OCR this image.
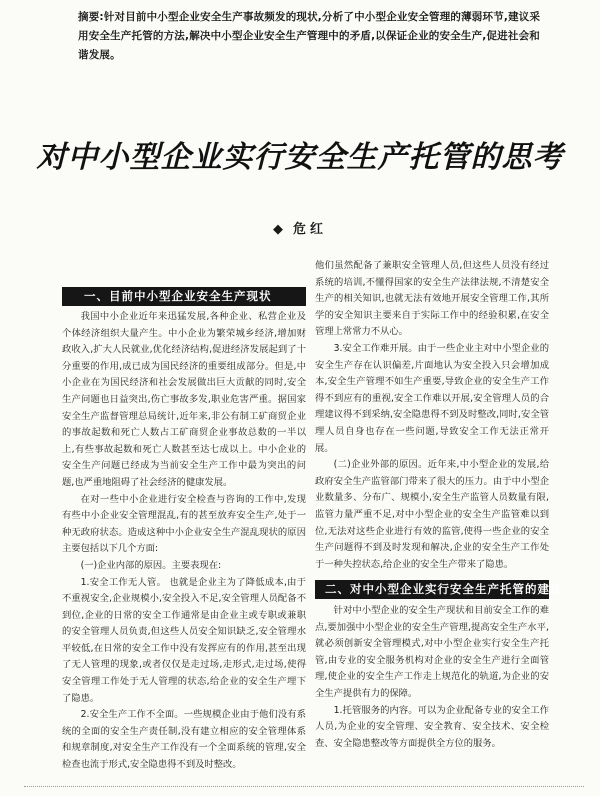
摘要:针对目前中小型企业安全生产事故频发的现状,分析了中小型企业安全管理的薄弱环节,建议采用安全生产托管的方法,解决中小型企业安全生产管理中的矛盾,以保证企业的安全生产,促进社会和谐发展。
对中小型企业实行安全生产托管的思考
◆ 危红
一、目前中小型企业安全生产现状

我国中小企业近年来迅猛发展,各种企业、私营企业及个体经济组织大量产生。中小企业为繁荣城乡经济,增加财政收入,扩大人民就业,优化经济结构,促进经济发展起到了十分重要的作用,成已成为国民经济的重要组成部分。但是,中小企业在为国民经济和社会发展做出巨大贡献的同时,安全生产问题也日益突出,伤亡事故多发,职业危害严重。据国家安全生产监督管理总局统计,近年来,非公有制工矿商贸企业的事故起数和死亡人数占工矿商贸企业事故总数的一半以上,有些事故起数和死亡人数甚至达七成以上。中小企业的安全生产问题已经成为当前安全生产工作中最为突出的问题,也严重地阻碍了社会经济的健康发展。

在对一些中小企业进行安全检查与咨询的工作中,发现有些中小企业安全管理混乱,有的甚至放弃安全生产,处于一种无政府状态。造成这种中小企业安全生产混乱现状的原因主要包括以下几个方面:

(一)企业内部的原因。主要表现在:

1.安全工作无人管。 也就是企业主为了降低成本,由于不重视安全,企业规模小,安全投入不足,安全管理人员配备不到位,企业的日常的安全工作通常是由企业主或专职或兼职的安全管理人员负责,但这些人员安全知识缺乏,安全管理水平较低,在日常的安全工作中没有发挥应有的作用,甚至出现了无人管理的现象,或者仅仅是走过场,走形式,走过场,使得安全管理工作处于无人管理的状态,给企业的安全生产埋下了隐患。

2.安全生产工作不全面。一些规模企业由于他们没有系统的全面的安全生产责任制,没有建立相应的安全管理体系和规章制度,对安全生产工作没有一个全面系统的管理,安全检查也流于形式,安全隐患得不到及时整改。

他们虽然配备了兼职安全管理人员,但这些人员没有经过系统的培训,不懂得国家的安全生产法律法规,不清楚安全生产的相关知识,也就无法有效地开展安全管理工作,其所学的安全知识主要来自于实际工作中的经验积累,在安全管理上常常力不从心。

3.安全工作难开展。由于一些企业主对中小型企业的安全生产存在认识偏差,片面地认为安全投入只会增加成本,安全生产管理不如生产重要,导致企业的安全生产工作得不到应有的重视,安全工作难以开展,安全管理人员的合理建议得不到采纳,安全隐患得不到及时整改,同时,安全管理人员自身也存在一些问题,导致安全工作无法正常开展。

(二)企业外部的原因。近年来,中小型企业的发展,给政府安全生产监管部门带来了很大的压力。由于中小型企业数量多、分布广、规模小,安全生产监管人员数量有限,监管力量严重不足,对中小型企业的安全生产监管难以到位,无法对这些企业进行有效的监管,使得一些企业的安全生产问题得不到及时发现和解决,企业的安全生产工作处于一种失控状态,给企业的安全生产带来了隐患。

二、对中小型企业实行安全生产托管的建议

针对中小型企业的安全生产现状和目前安全工作的难点,要加强中小型企业的安全生产管理,提高安全生产水平,就必须创新安全管理模式,对中小型企业实行安全生产托管,由专业的安全服务机构对企业的安全生产进行全面管理,使企业的安全生产工作走上规范化的轨道,为企业的安全生产提供有力的保障。

1.托管服务的内容。可以为企业配备专业的安全工作人员,为企业的安全管理、安全教育、安全技术、安全检查、安全隐患整改等方面提供全方位的服务。
